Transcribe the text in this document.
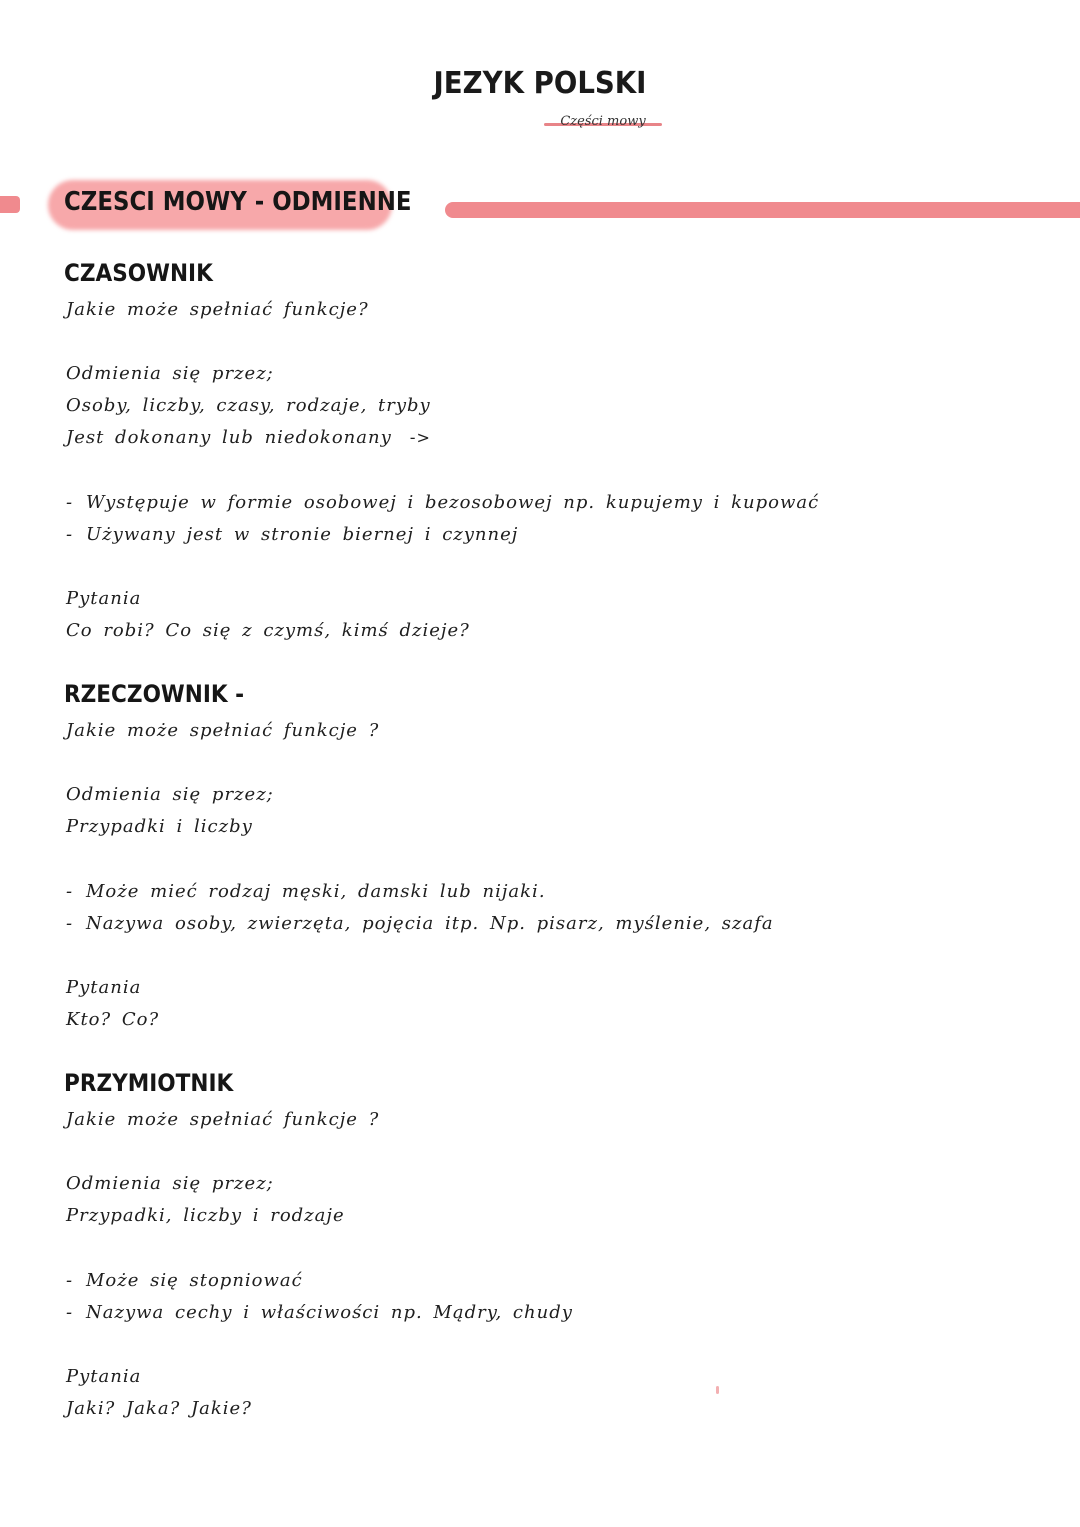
JEZYK POLSKI
Części mowy
CZESCI MOWY - ODMIENNE
CZASOWNIK
Jakie może spełniać funkcje?
Odmienia się przez;
Osoby, liczby, czasy, rodzaje, tryby
Jest dokonany lub niedokonany ->
- Występuje w formie osobowej i bezosobowej np. kupujemy i kupować
- Używany jest w stronie biernej i czynnej
Pytania
Co robi? Co się z czymś, kimś dzieje?
RZECZOWNIK -
Jakie może spełniać funkcje ?
Odmienia się przez;
Przypadki i liczby
- Może mieć rodzaj męski, damski lub nijaki.
- Nazywa osoby, zwierzęta, pojęcia itp. Np. pisarz, myślenie, szafa
Pytania
Kto? Co?
PRZYMIOTNIK
Jakie może spełniać funkcje ?
Odmienia się przez;
Przypadki, liczby i rodzaje
- Może się stopniować
- Nazywa cechy i właściwości np. Mądry, chudy
Pytania
Jaki? Jaka? Jakie?
